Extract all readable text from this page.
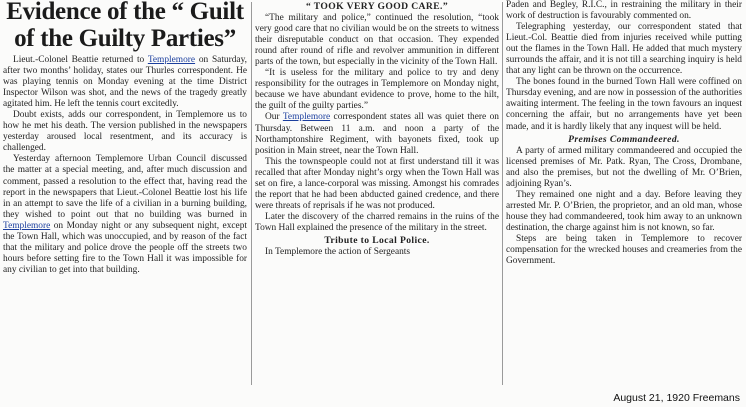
Evidence of the “ Guilt of the Guilty Parties”

Lieut.-Colonel Beattie returned to Templemore on Saturday, after two months’ holiday, states our Thurles correspondent. He was playing tennis on Monday evening at the time District Inspector Wilson was shot, and the news of the tragedy greatly agitated him. He left the tennis court excitedly.

Doubt exists, adds our correspondent, in Templemore us to how he met his death. The version published in the newspapers yesterday aroused local resentment, and its accuracy is challenged.

Yesterday afternoon Templemore Urban Council discussed the matter at a special meeting, and, after much discussion and comment, passed a resolution to the effect that, having read the report in the newspapers that Lieut.-Colonel Beattie lost his life in an attempt to save the life of a civilian in a burning building, they wished to point out that no building was burned in Templemore on Monday night or any subsequent night, except the Town Hall, which was unoccupied, and by reason of the fact that the military and police drove the people off the streets two hours before setting fire to the Town Hall it was impossible for any civilian to get into that building.

“ TOOK VERY GOOD CARE.”

“The military and police,” continued the resolution, “took very good care that no civilian would be on the streets to witness their disreputable conduct on that occasion. They expended round after round of rifle and revolver ammunition in different parts of the town, but especially in the vicinity of the Town Hall.

“It is useless for the military and police to try and deny responsibility for the outrages in Templemore on Monday night, because we have abundant evidence to prove, home to the hilt, the guilt of the guilty parties.”

Our Templemore correspondent states all was quiet there on Thursday. Between 11 a.m. and noon a party of the Northamptonshire Regiment, with bayonets fixed, took up position in Main street, near the Town Hall.

This the townspeople could not at first understand till it was recalled that after Monday night’s orgy when the Town Hall was set on fire, a lance-corporal was missing. Amongst his comrades the report that he had been abducted gained credence, and there were threats of reprisals if he was not produced.

Later the discovery of the charred remains in the ruins of the Town Hall explained the presence of the military in the street.

Tribute to Local Police.

In Templemore the action of Sergeants

Paden and Begley, R.I.C., in restraining the military in their work of destruction is favourably commented on.

Telegraphing yesterday, our correspondent stated that Lieut.-Col. Beattie died from injuries received while putting out the flames in the Town Hall. He added that much mystery surrounds the affair, and it is not till a searching inquiry is held that any light can be thrown on the occurrence.

The bones found in the burned Town Hall were coffined on Thursday evening, and are now in possession of the authorities awaiting interment. The feeling in the town favours an inquest concerning the affair, but no arrangements have yet been made, and it is hardly likely that any inquest will be held.

Premises Commandeered.

A party of armed military commandeered and occupied the licensed premises of Mr. Patk. Ryan, The Cross, Drombane, and also the premises, but not the dwelling of Mr. O’Brien, adjoining Ryan’s.

They remained one night and a day. Before leaving they arrested Mr. P. O’Brien, the proprietor, and an old man, whose house they had commandeered, took him away to an unknown destination, the charge against him is not known, so far.

Steps are being taken in Templemore to recover compensation for the wrecked houses and creameries from the Government.

August 21, 1920 Freemans
